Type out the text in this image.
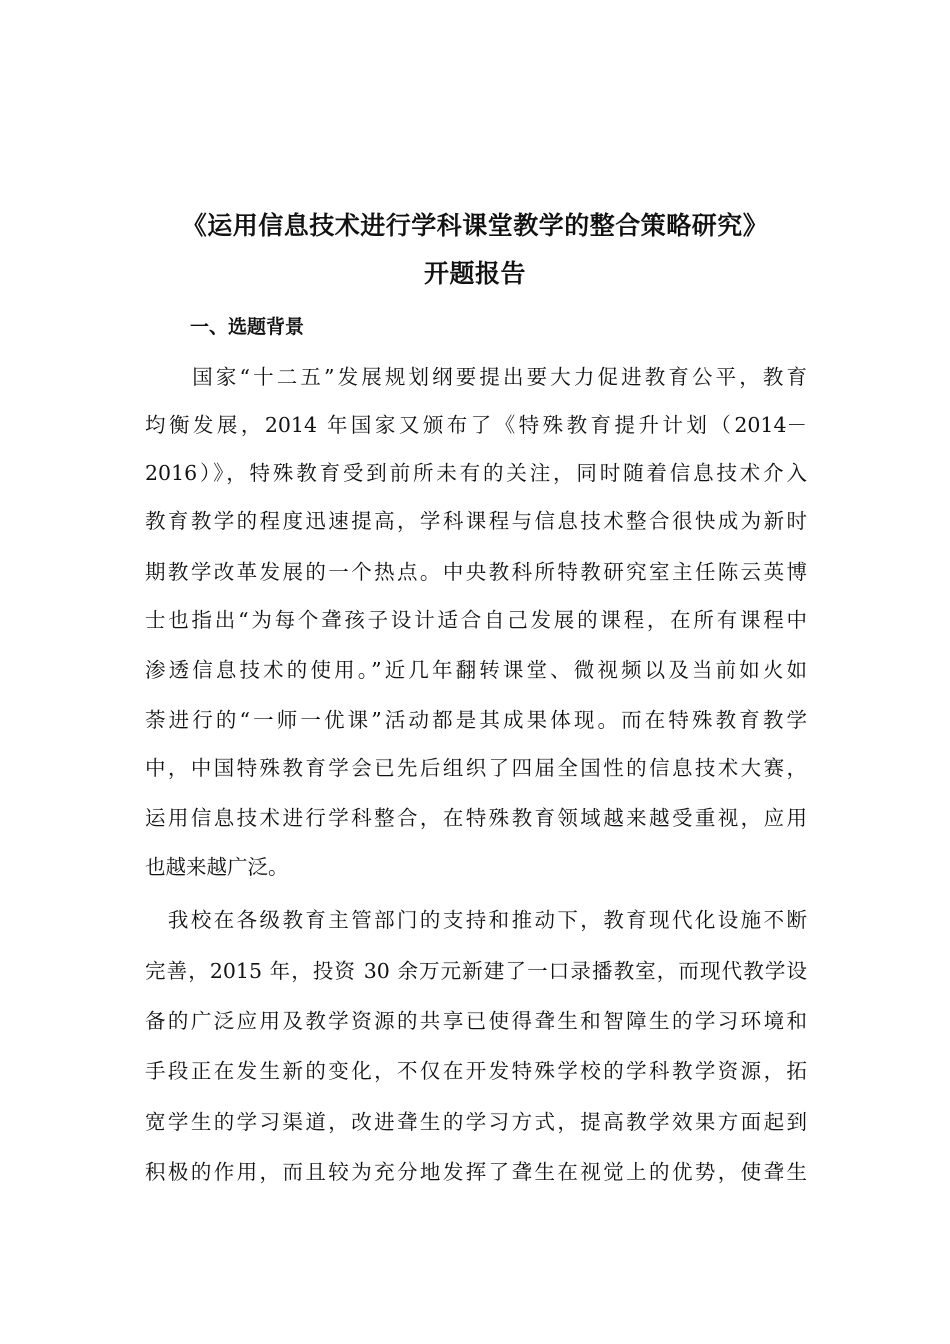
《运用信息技术进行学科课堂教学的整合策略研究》
开题报告
一、选题背景
　　国家“十二五”发展规划纲要提出要大力促进教育公平，教育
均衡发展，2014 年国家又颁布了《特殊教育提升计划（2014－
2016）》，特殊教育受到前所未有的关注，同时随着信息技术介入
教育教学的程度迅速提高，学科课程与信息技术整合很快成为新时
期教学改革发展的一个热点。中央教科所特教研究室主任陈云英博
士也指出“为每个聋孩子设计适合自己发展的课程，在所有课程中
渗透信息技术的使用。”近几年翻转课堂、微视频以及当前如火如
荼进行的“一师一优课”活动都是其成果体现。而在特殊教育教学
中，中国特殊教育学会已先后组织了四届全国性的信息技术大赛，
运用信息技术进行学科整合，在特殊教育领域越来越受重视，应用
也越来越广泛。
　我校在各级教育主管部门的支持和推动下，教育现代化设施不断
完善，2015 年，投资 30 余万元新建了一口录播教室，而现代教学设
备的广泛应用及教学资源的共享已使得聋生和智障生的学习环境和
手段正在发生新的变化，不仅在开发特殊学校的学科教学资源，拓
宽学生的学习渠道，改进聋生的学习方式，提高教学效果方面起到
积极的作用，而且较为充分地发挥了聋生在视觉上的优势，使聋生
